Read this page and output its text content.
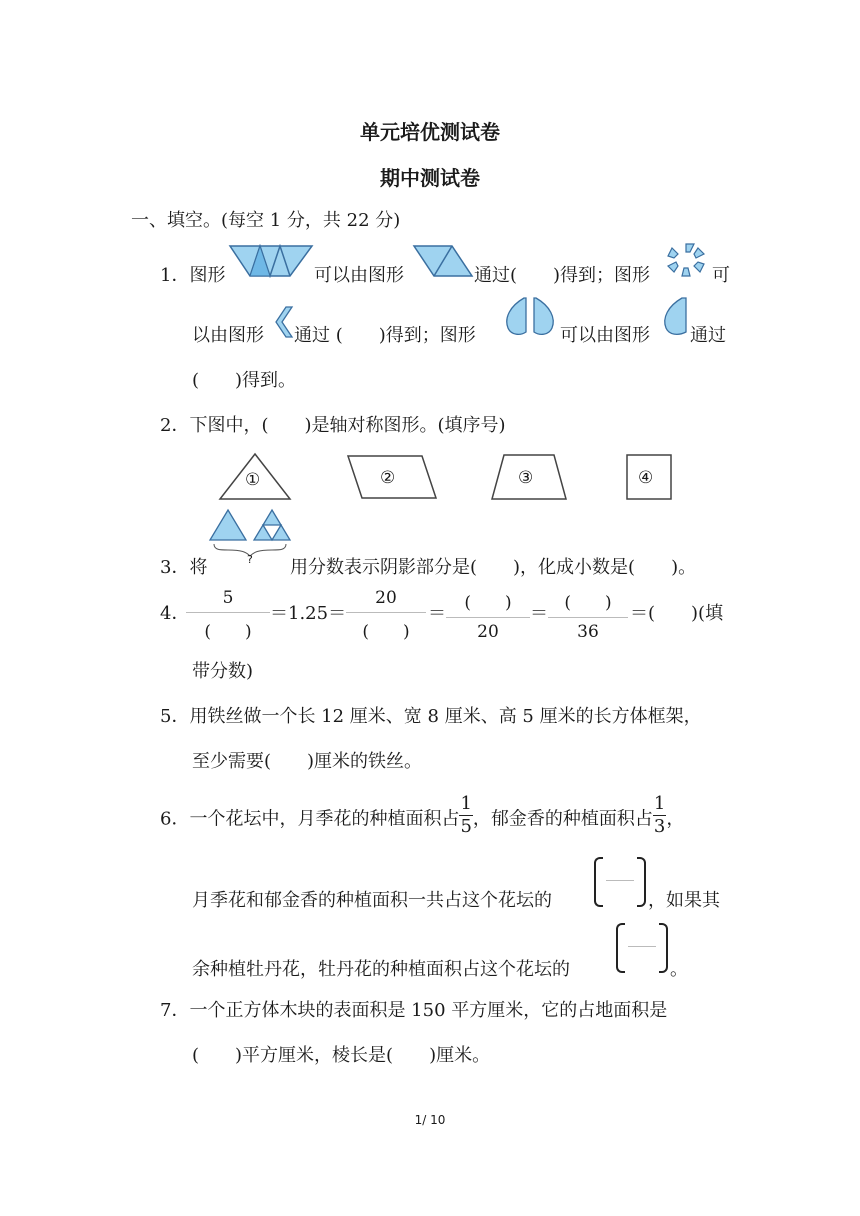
单元培优测试卷
期中测试卷
一、填空。(每空 1 分，共 22 分)
1．图形	可以由图形	通过(　　)得到；图形	可
以由图形 通过 (　　)得到；图形	可以由图形 通过
(　　)得到。
2．下图中，(　　)是轴对称图形。(填序号)
①	②	③	④
3．将	? 用分数表示阴影部分是(　　)，化成小数是(　　)。
4．
5
(　　)
＝1.25＝
20
(　　)
＝	(　　)
20
＝ (　　)
36
＝(　　)(填
带分数)
5．用铁丝做一个长 12 厘米、宽 8 厘米、高 5 厘米的长方体框架，
至少需要(　　)厘米的铁丝。
6．一个花坛中，月季花的种植面积占 $\frac{1}{5}$ ，郁金香的种植面积占 $\frac{1}{3}$ ，
月季花和郁金香的种植面积一共占这个花坛的	，如果其
余种植牡丹花，牡丹花的种植面积占这个花坛的	。
7．一个正方体木块的表面积是 150 平方厘米，它的占地面积是
(　　)平方厘米，棱长是(　　)厘米。
1/ 10
